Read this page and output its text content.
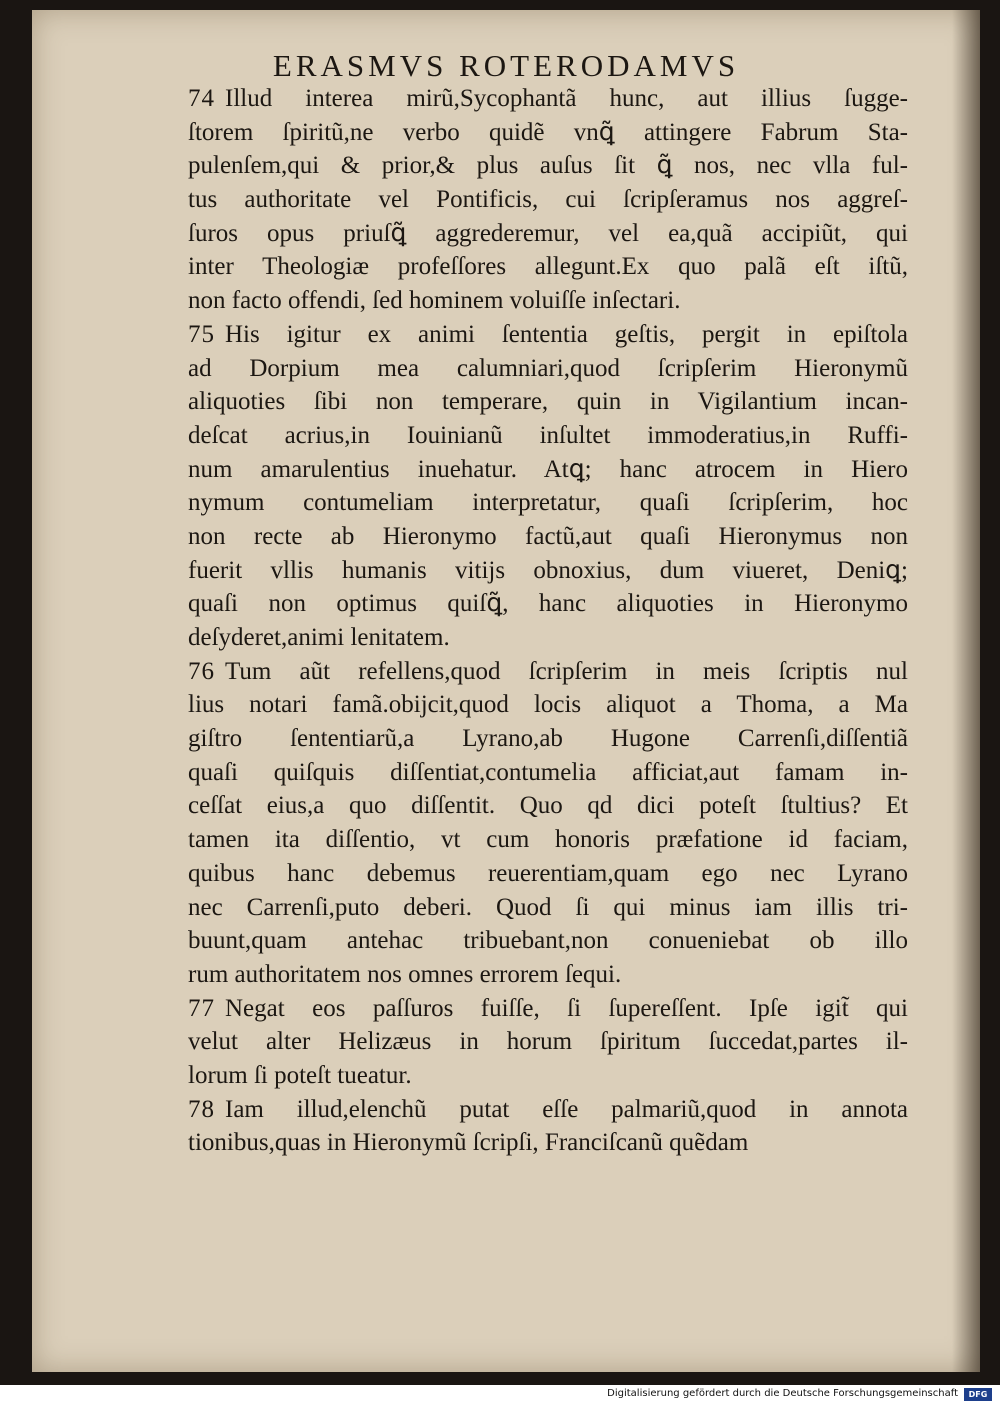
ERASMVS ROTERODAMVS
74 Illud interea mirũ,Sycophantã hunc, aut illius ſugge-
ſtorem ſpiritũ,ne verbo quidẽ vnꝗ̃ attingere Fabrum Sta-
pulenſem,qui & prior,& plus auſus ſit ꝗ̃ nos, nec vlla ful-
tus authoritate vel Pontificis, cui ſcripſeramus nos aggreſ-
ſuros opus priuſꝗ̃ aggrederemur, vel ea,quã accipiũt, qui
inter Theologiæ profeſſores allegunt.Ex quo palã eſt iſtũ,
non facto offendi, ſed hominem voluiſſe inſectari.
75 His igitur ex animi ſententia geſtis, pergit in epiſtola
ad Dorpium mea calumniari,quod ſcripſerim Hieronymũ
aliquoties ſibi non temperare, quin in Vigilantium incan-
deſcat acrius,in Iouinianũ inſultet immoderatius,in Ruffi-
num amarulentius inuehatur. Atꝗ; hanc atrocem in Hiero
nymum contumeliam interpretatur, quaſi ſcripſerim, hoc
non recte ab Hieronymo factũ,aut quaſi Hieronymus non
fuerit vllis humanis vitijs obnoxius, dum viueret, Deniꝗ;
quaſi non optimus quiſꝗ̃, hanc aliquoties in Hieronymo
deſyderet,animi lenitatem.
76 Tum aũt refellens,quod ſcripſerim in meis ſcriptis nul
lius notari famã.obijcit,quod locis aliquot a Thoma, a Ma
giſtro ſententiarũ,a Lyrano,ab Hugone Carrenſi,diſſentiã
quaſi quiſquis diſſentiat,contumelia afficiat,aut famam in-
ceſſat eius,a quo diſſentit. Quo qd dici poteſt ſtultius? Et
tamen ita diſſentio, vt cum honoris præfatione id faciam,
quibus hanc debemus reuerentiam,quam ego nec Lyrano
nec Carrenſi,puto deberi. Quod ſi qui minus iam illis tri-
buunt,quam antehac tribuebant,non conueniebat ob illo
rum authoritatem nos omnes errorem ſequi.
77 Negat eos paſſuros fuiſſe, ſi ſupereſſent. Ipſe igit̃ qui
velut alter Helizæus in horum ſpiritum ſuccedat,partes il-
lorum ſi poteſt tueatur.
78 Iam illud,elenchũ putat eſſe palmariũ,quod in annota
tionibus,quas in Hieronymũ ſcripſi, Franciſcanũ quẽdam
Digitalisierung gefördert durch die Deutsche Forschungsgemeinschaft	DFG
